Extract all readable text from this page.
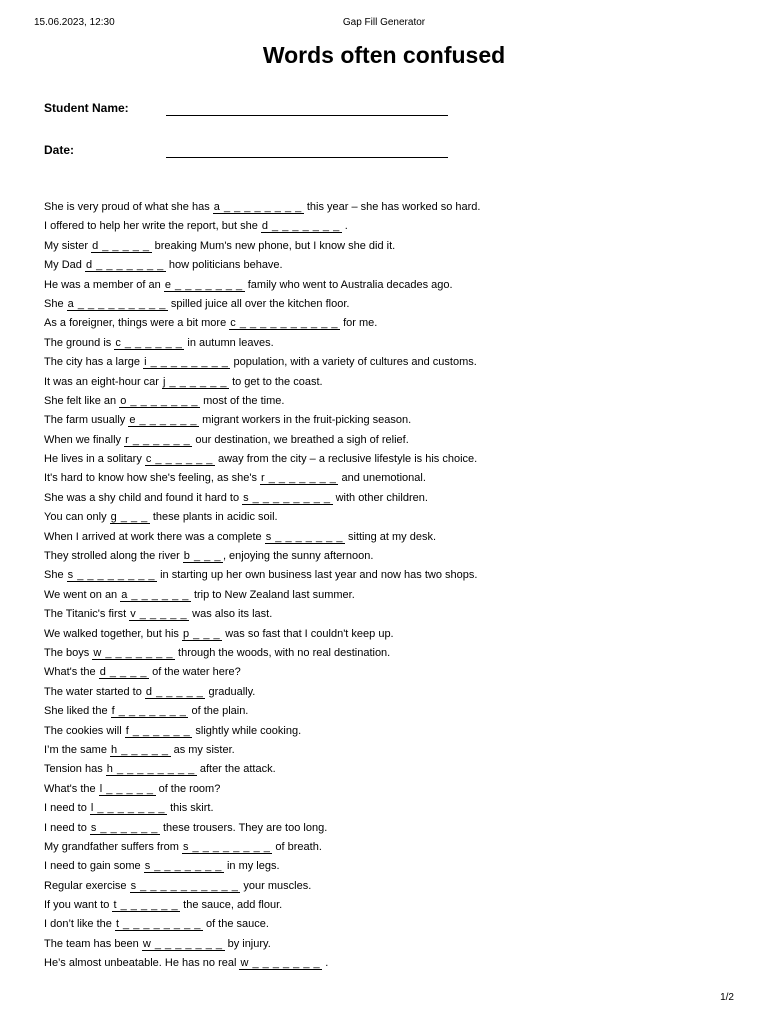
15.06.2023, 12:30	Gap Fill Generator
Words often confused
Student Name:
Date:
She is very proud of what she has a _ _ _ _ _ _ _ _ this year – she has worked so hard.
I offered to help her write the report, but she d _ _ _ _ _ _ _ .
My sister d _ _ _ _ _ breaking Mum's new phone, but I know she did it.
My Dad d _ _ _ _ _ _ _ how politicians behave.
He was a member of an e _ _ _ _ _ _ _ family who went to Australia decades ago.
She a _ _ _ _ _ _ _ _ _ spilled juice all over the kitchen floor.
As a foreigner, things were a bit more c _ _ _ _ _ _ _ _ _ _ for me.
The ground is c _ _ _ _ _ _ in autumn leaves.
The city has a large i _ _ _ _ _ _ _ _ population, with a variety of cultures and customs.
It was an eight-hour car j _ _ _ _ _ _ to get to the coast.
She felt like an o _ _ _ _ _ _ _ most of the time.
The farm usually e _ _ _ _ _ _ migrant workers in the fruit-picking season.
When we finally r _ _ _ _ _ _ our destination, we breathed a sigh of relief.
He lives in a solitary c _ _ _ _ _ _ away from the city – a reclusive lifestyle is his choice.
It's hard to know how she's feeling, as she's r _ _ _ _ _ _ _ and unemotional.
She was a shy child and found it hard to s _ _ _ _ _ _ _ _ with other children.
You can only g _ _ _ these plants in acidic soil.
When I arrived at work there was a complete s _ _ _ _ _ _ _ sitting at my desk.
They strolled along the river b _ _ _ , enjoying the sunny afternoon.
She s _ _ _ _ _ _ _ _ in starting up her own business last year and now has two shops.
We went on an a _ _ _ _ _ _ trip to New Zealand last summer.
The Titanic's first v _ _ _ _ _ was also its last.
We walked together, but his p _ _ _ was so fast that I couldn't keep up.
The boys w _ _ _ _ _ _ _ through the woods, with no real destination.
What's the d _ _ _ _ of the water here?
The water started to d _ _ _ _ _ gradually.
She liked the f _ _ _ _ _ _ _ of the plain.
The cookies will f _ _ _ _ _ _ slightly while cooking.
I’m the same h _ _ _ _ _ as my sister.
Tension has h _ _ _ _ _ _ _ _ after the attack.
What's the l _ _ _ _ _ of the room?
I need to l _ _ _ _ _ _ _ this skirt.
I need to s _ _ _ _ _ _ these trousers. They are too long.
My grandfather suffers from s _ _ _ _ _ _ _ _ of breath.
I need to gain some s _ _ _ _ _ _ _ in my legs.
Regular exercise s _ _ _ _ _ _ _ _ _ _ your muscles.
If you want to t _ _ _ _ _ _ the sauce, add flour.
I don’t like the t _ _ _ _ _ _ _ _ of the sauce.
The team has been w _ _ _ _ _ _ _ by injury.
He’s almost unbeatable. He has no real w _ _ _ _ _ _ _ .
1/2
